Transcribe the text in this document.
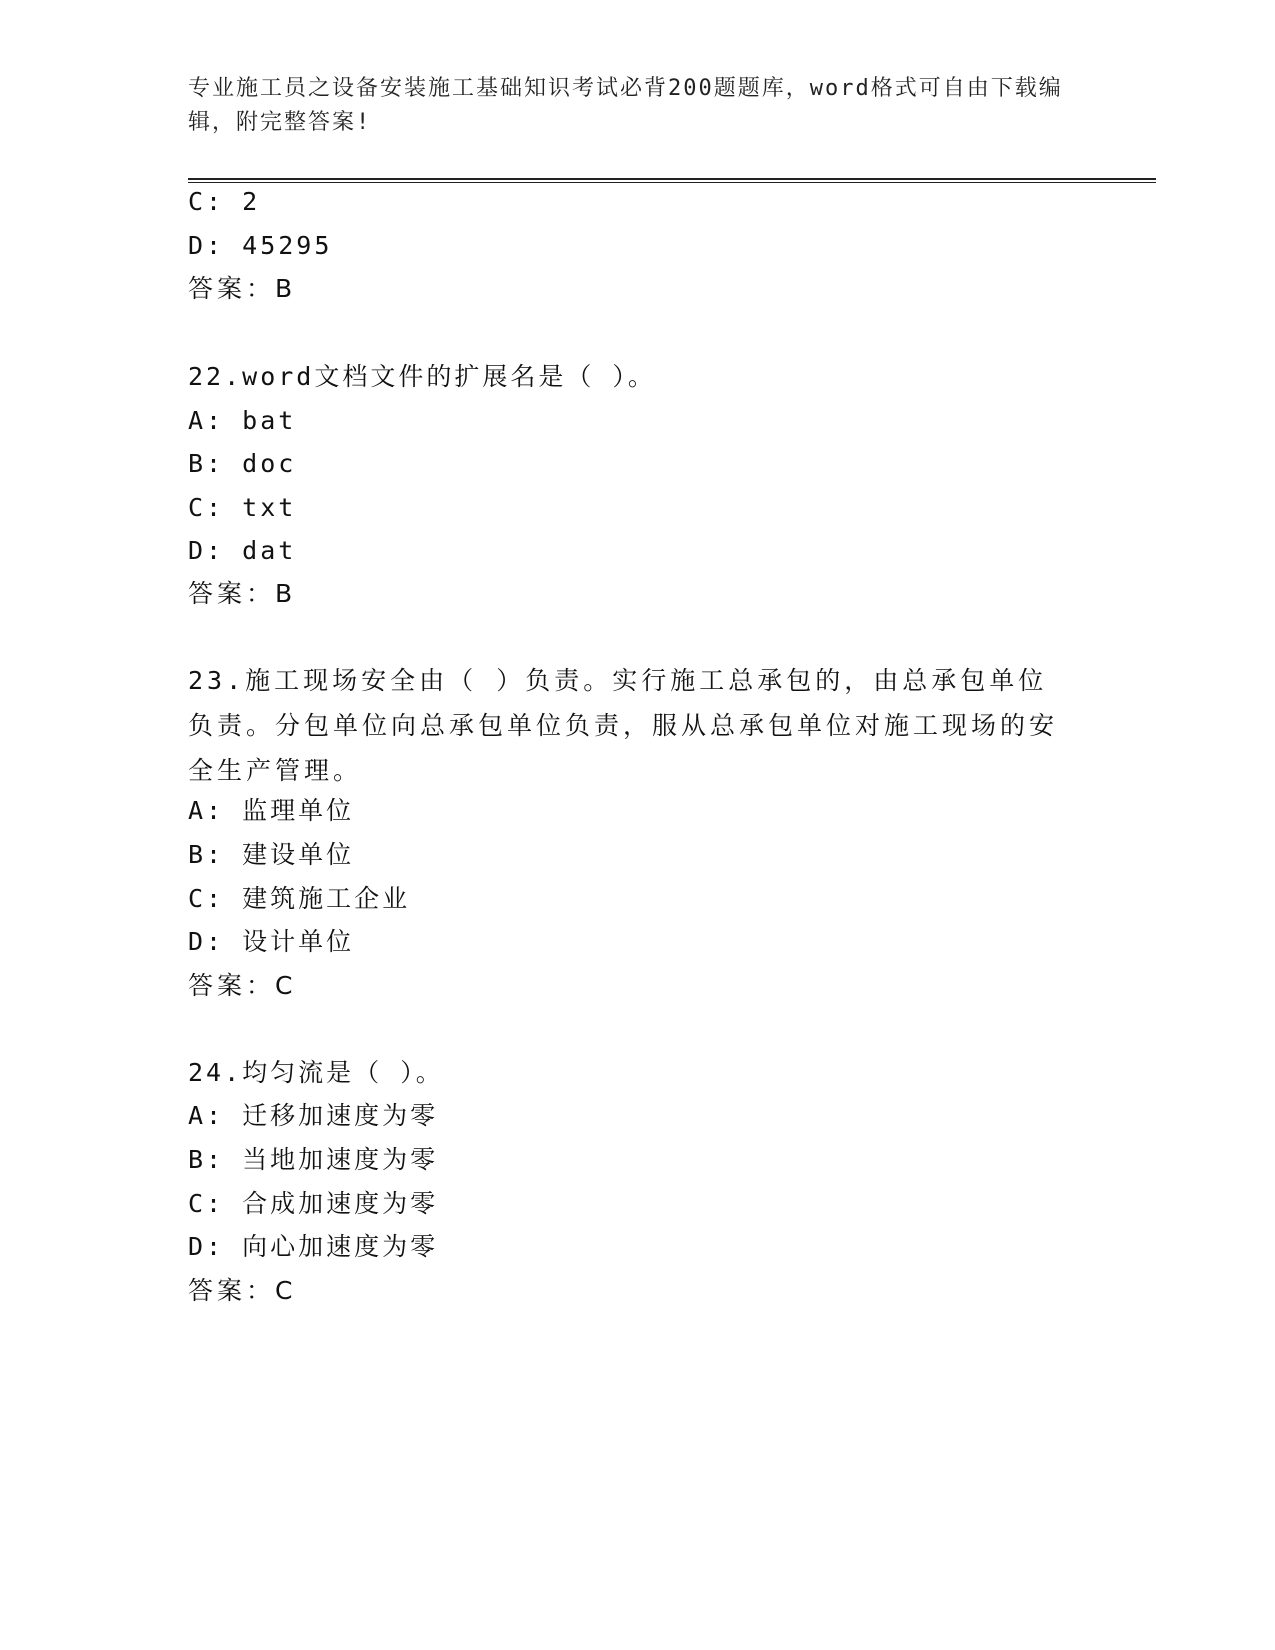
专业施工员之设备安装施工基础知识考试必背200题题库，word格式可自由下载编辑，附完整答案!

C: 2
D: 45295
答案：B
22.word文档文件的扩展名是（ ）。
A: bat
B: doc
C: txt
D: dat
答案：B

23.施工现场安全由（ ）负责。实行施工总承包的，由总承包单位负责。分包单位向总承包单位负责，服从总承包单位对施工现场的安全生产管理。

A: 监理单位
B: 建设单位
C: 建筑施工企业
D: 设计单位
答案：C
24.均匀流是（ ）。
A: 迁移加速度为零
B: 当地加速度为零
C: 合成加速度为零
D: 向心加速度为零
答案：C
